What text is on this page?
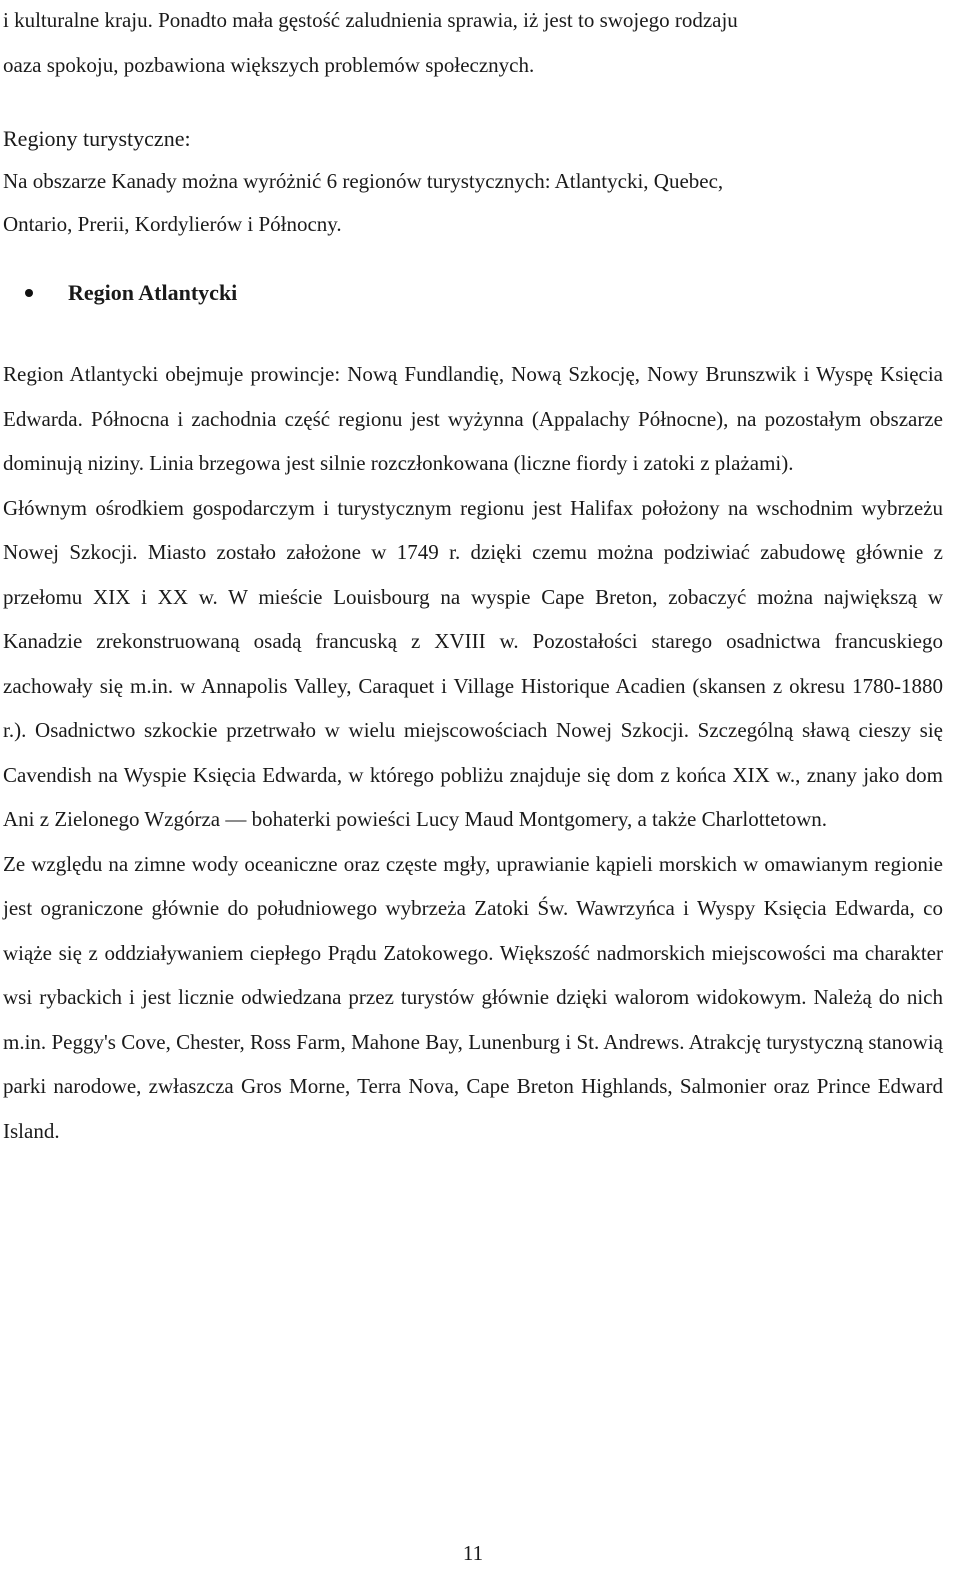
i kulturalne kraju. Ponadto mała gęstość zaludnienia sprawia, iż jest to swojego rodzaju

oaza spokoju, pozbawiona większych problemów społecznych.

Regiony turystyczne:

Na obszarze Kanady można wyróżnić 6 regionów turystycznych: Atlantycki, Quebec,

Ontario, Prerii, Kordylierów i Północny.

Region Atlantycki

Region Atlantycki obejmuje prowincje: Nową Fundlandię, Nową Szkocję, Nowy Brunszwik i Wyspę Księcia Edwarda. Północna i zachodnia część regionu jest wyżynna (Appalachy Północne), na pozostałym obszarze dominują niziny. Linia brzegowa jest silnie rozczłonkowana (liczne fiordy i zatoki z plażami).

Głównym ośrodkiem gospodarczym i turystycznym regionu jest Halifax położony na wschodnim wybrzeżu Nowej Szkocji. Miasto zostało założone w 1749 r. dzięki czemu można podziwiać zabudowę głównie z przełomu XIX i XX w. W mieście Louisbourg na wyspie Cape Breton, zobaczyć można największą w Kanadzie zrekonstruowaną osadą francuską z XVIII w. Pozostałości starego osadnictwa francuskiego zachowały się m.in. w Annapolis Valley, Caraquet i Village Historique Acadien (skansen z okresu 1780-1880 r.). Osadnictwo szkockie przetrwało w wielu miejscowościach Nowej Szkocji. Szczególną sławą cieszy się Cavendish na Wyspie Księcia Edwarda, w którego pobliżu znajduje się dom z końca XIX w., znany jako dom Ani z Zielonego Wzgórza — bohaterki powieści Lucy Maud Montgomery, a także Charlottetown.

Ze względu na zimne wody oceaniczne oraz częste mgły, uprawianie kąpieli morskich w omawianym regionie jest ograniczone głównie do południowego wybrzeża Zatoki Św. Wawrzyńca i Wyspy Księcia Edwarda, co wiąże się z oddziaływaniem ciepłego Prądu Zatokowego. Większość nadmorskich miejscowości ma charakter wsi rybackich i jest licznie odwiedzana przez turystów głównie dzięki walorom widokowym. Należą do nich m.in. Peggy's Cove, Chester, Ross Farm, Mahone Bay, Lunenburg i St. Andrews. Atrakcję turystyczną stanowią parki narodowe, zwłaszcza Gros Morne, Terra Nova, Cape Breton Highlands, Salmonier oraz Prince Edward Island.

11
